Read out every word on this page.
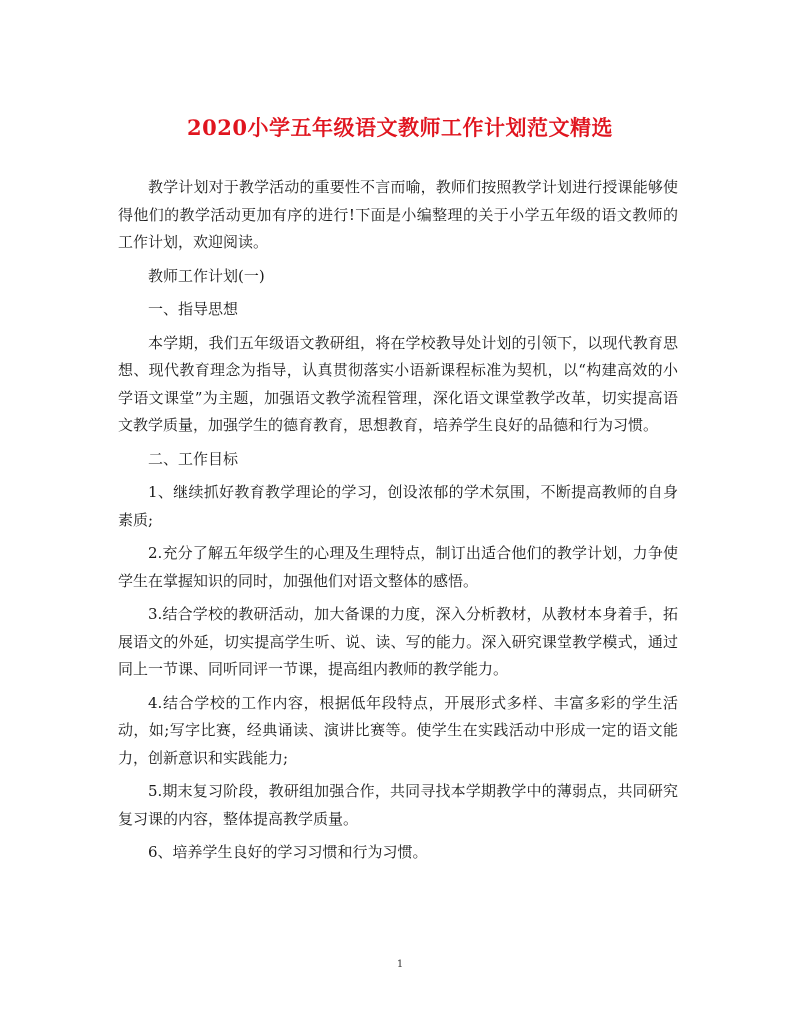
2020小学五年级语文教师工作计划范文精选

教学计划对于教学活动的重要性不言而喻，教师们按照教学计划进行授课能够使得他们的教学活动更加有序的进行!下面是小编整理的关于小学五年级的语文教师的工作计划，欢迎阅读。

教师工作计划(一)

一、指导思想

本学期，我们五年级语文教研组，将在学校教导处计划的引领下，以现代教育思想、现代教育理念为指导，认真贯彻落实小语新课程标准为契机，以“构建高效的小学语文课堂”为主题，加强语文教学流程管理，深化语文课堂教学改革，切实提高语文教学质量，加强学生的德育教育，思想教育，培养学生良好的品德和行为习惯。

二、工作目标

1、继续抓好教育教学理论的学习，创设浓郁的学术氛围，不断提高教师的自身素质;

2.充分了解五年级学生的心理及生理特点，制订出适合他们的教学计划，力争使学生在掌握知识的同时，加强他们对语文整体的感悟。

3.结合学校的教研活动，加大备课的力度，深入分析教材，从教材本身着手，拓展语文的外延，切实提高学生听、说、读、写的能力。深入研究课堂教学模式，通过同上一节课、同听同评一节课，提高组内教师的教学能力。

4.结合学校的工作内容，根据低年段特点，开展形式多样、丰富多彩的学生活动，如;写字比赛，经典诵读、演讲比赛等。使学生在实践活动中形成一定的语文能力，创新意识和实践能力;

5.期末复习阶段，教研组加强合作，共同寻找本学期教学中的薄弱点，共同研究复习课的内容，整体提高教学质量。

6、培养学生良好的学习习惯和行为习惯。

1
